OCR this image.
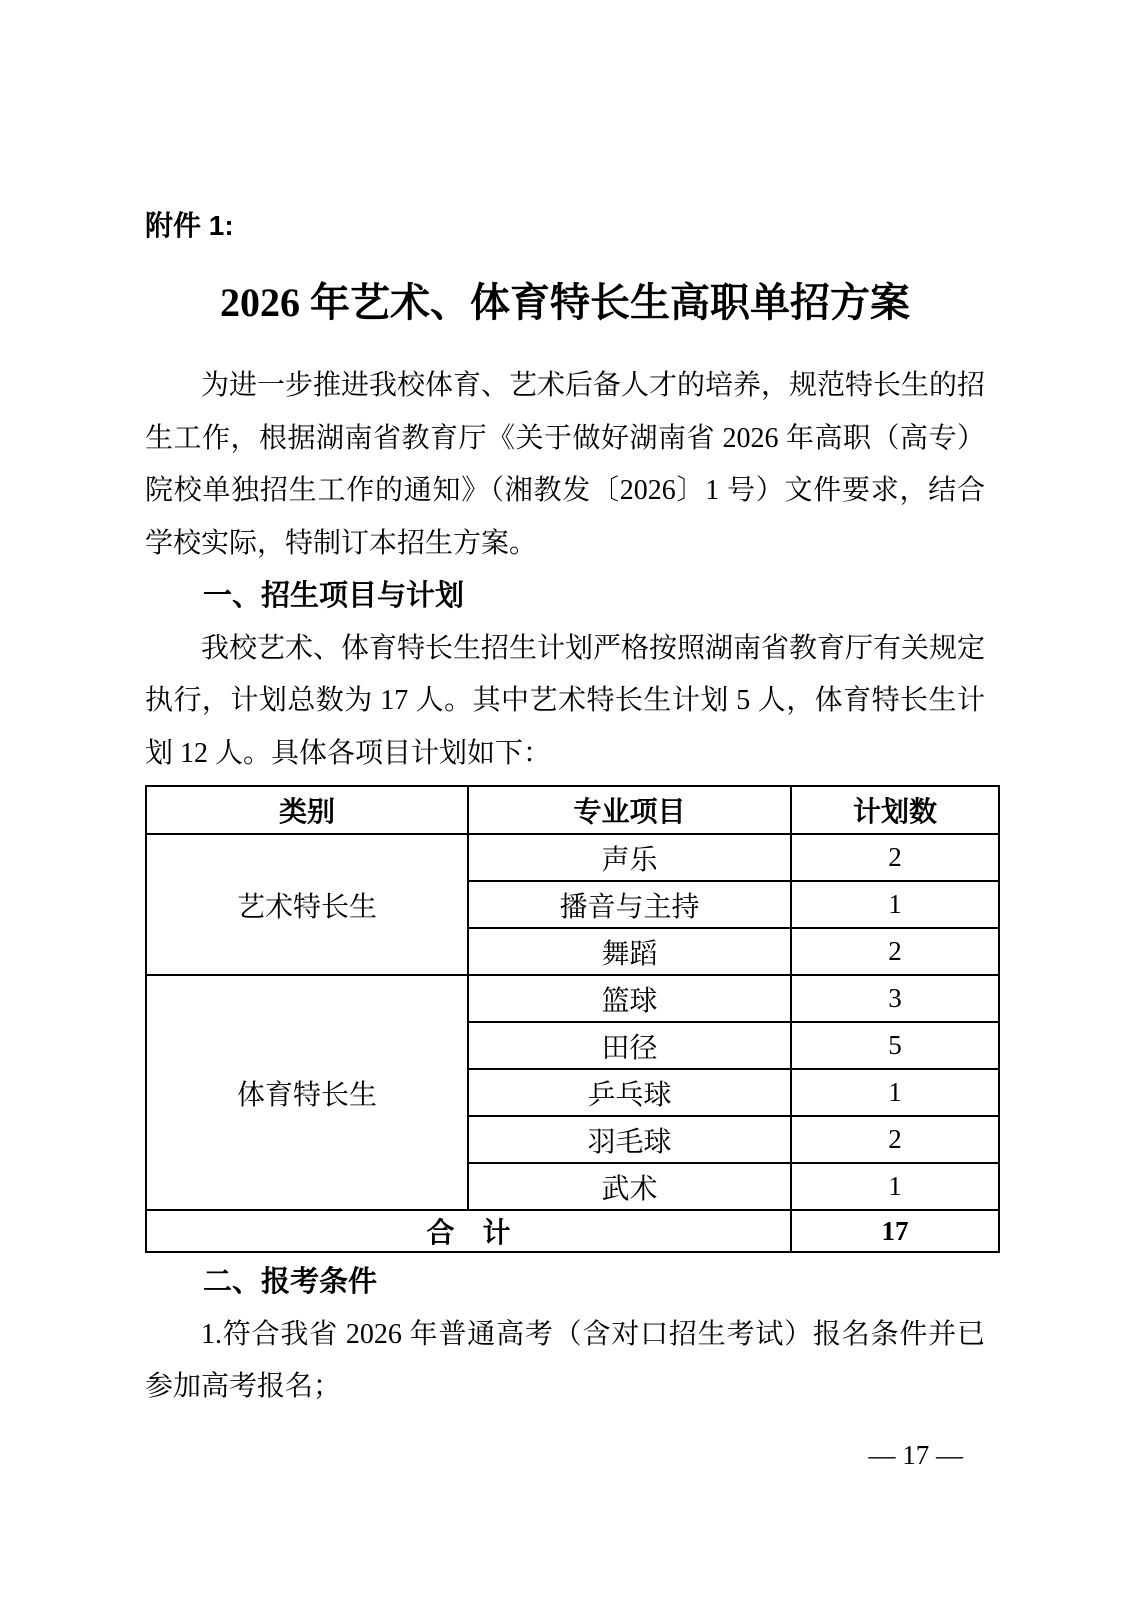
附件 1:
2026 年艺术、体育特长生高职单招方案

为进一步推进我校体育、艺术后备人才的培养，规范特长生的招生工作，根据湖南省教育厅《关于做好湖南省 2026 年高职（高专）院校单独招生工作的通知》（湘教发〔2026〕1 号）文件要求，结合学校实际，特制订本招生方案。

一、招生项目与计划

我校艺术、体育特长生招生计划严格按照湖南省教育厅有关规定执行，计划总数为 17 人。其中艺术特长生计划 5 人，体育特长生计划 12 人。具体各项目计划如下：

类别	专业项目	计划数
艺术特长生	声乐	2
	播音与主持	1
	舞蹈	2
体育特长生	篮球	3
	田径	5
	乒乓球	1
	羽毛球	2
	武术	1
合　计		17
二、报考条件

1.符合我省 2026 年普通高考（含对口招生考试）报名条件并已参加高考报名；

— 17 —
